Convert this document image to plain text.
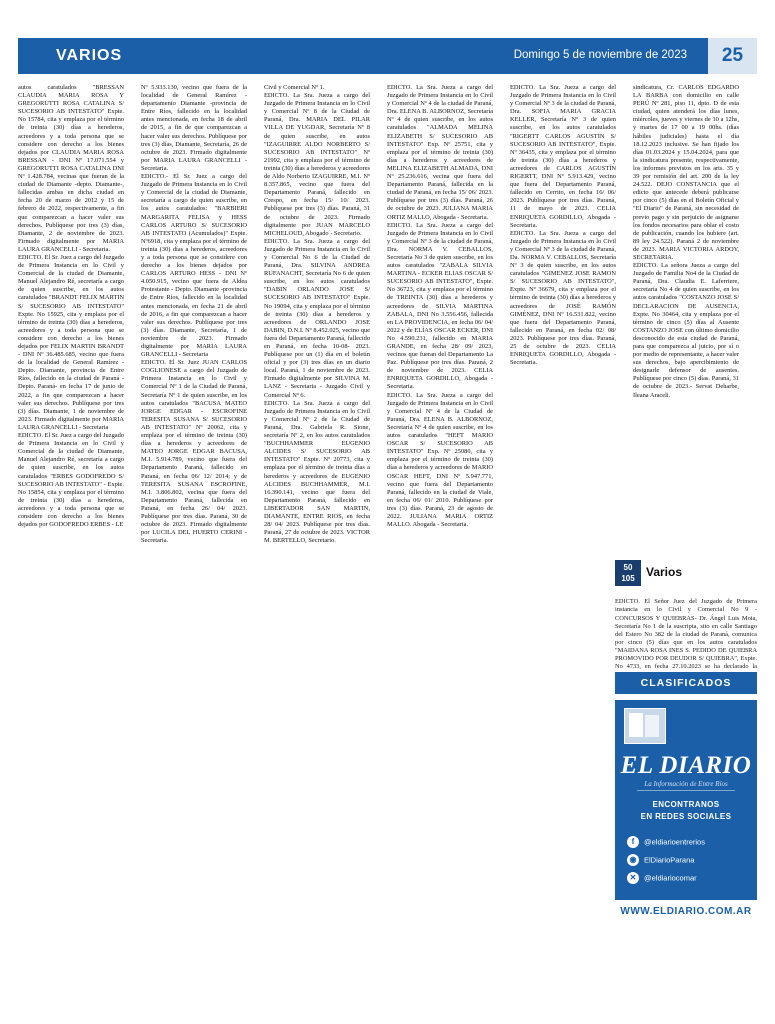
VARIOS	Domingo 5 de noviembre de 2023	25

autos caratulados "BRESSAN CLAUDIA MARIA ROSA Y GREGORUTTI ROSA CATALINA S/ SUCESORIO AB INTESTATO" Expte. No 15784, cita y emplaza por el término de treinta (30) días a herederos, acreedores y a toda persona que se considere con derecho a los bienes dejados por CLAUDIA MARIA ROSA BRESSAN - DNI Nº 17.071.554 y GREGORUTTI ROSA CATALINA DNI Nº 1.428.784, vecinas que fueran de la ciudad de Diamante -depto. Diamante-, fallecidas ambas en dicha ciudad en fecha 20 de marzo de 2012 y 15 de febrero de 2022, respectivamente, a fin que comparezcan a hacer valer sus derechos. Publíquese por tres (3) días, Diamante, 2 de noviembre de 2023. Firmado digitalmente por MARIA LAURA GRANCELLI - Secretaria.

EDICTO. El Sr. Juez a cargo del Juzgado de Primera Instancia en lo Civil y Comercial de la ciudad de Diamante, Manuel Alejandro Ré, secretaría a cargo de quien suscribe, en los autos caratulados "BRANDT FELIX MARTIN S/ SUCESORIO AB INTESTATO" Expte. No 15925, cita y emplaza por el término de treinta (30) días a herederos, acreedores y a toda persona que se considere con derecho a los bienes dejados por FELIX MARTIN BRANDT - DNI Nº 36.485.685, vecino que fuera de la localidad de General Ramírez - Depto. Diamante, provincia de Entre Ríos, fallecido en la ciudad de Paraná -Depto. Paraná- en fecha 17 de junio de 2022, a fin que comparezcan a hacer valer sus derechos. Publíquese por tres (3) días. Diamante, 1 de noviembre de 2023. Firmado digitalmente por MARIA LAURA GRANCELLI - Secretaria

EDICTO. El Sr. Juez a cargo del Juzgado de Primera Instancia en lo Civil y Comercial de la ciudad de Diamante, Manuel Alejandro Ré, secretaría a cargo de quien suscribe, en los autos caratulados "ERBES GODOFREDO S/ SUCESORIO AB INTESTATO" - Expte. No 15854, cita y emplaza por el término de treinta (30) días a herederos, acreedores y a toda persona que se considere con derecho a los bienes dejados por GODOFREDO ERBES - LE

Nº 5.933.130, vecino que fuera de la localidad de General Ramírez - departamento Diamante -provincia de Entre Ríos, fallecido en la localidad antes mencionada, en fecha 18 de abril de 2015, a fin de que comparezcan a hacer valer sus derechos. Publíquese por tres (3) días, Diamante, Secretaría, 26 de octubre de 2023. Firmado digitalmente por MARIA LAURA GRANCELLI - Secretaria.

EDICTO.- El Sr. Juez a cargo del Juzgado de Primera Instancia en lo Civil y Comercial de la ciudad de Diamante, secretaría a cargo de quien suscribe, en los autos caratulados: "BARBIERI MARGARITA FELISA y HESS CARLOS ARTURO S/ SUCESORIO AB INTESTATO (Acumulados)" Expte. Nº6918, cita y emplaza por el término de treinta (30) días a herederos, acreedores y a toda persona que se considere con derecho a los bienes dejados por CARLOS ARTURO HESS - DNI Nº 4.050.915, vecino que fuera de Aldea Protestante - Depto. Diamante -provincia de Entre Ríos, fallecido en la localidad antes mencionada, en fecha 21 de abril de 2016, a fin que comparezcan a hacer valer sus derechos. Publíquese por tres (3) días. Diamante, Secretaría, 1 de noviembre de 2023. Firmado digitalmente por MARIA LAURA GRANCELLI - Secretaria

EDICTO. El Sr. Juez JUAN CARLOS COGLIONESE a cargo del Juzgado de Primera Instancia en lo Civil y Comercial Nº 1 de la Ciudad de Paraná, Secretaría Nº 1 de quien suscribe, en los autos caratulados "BACUSA MATEO JORGE EDGAR - ESCROFINE TERESITA SUSANA S/ SUCESORIO AB INTESTATO" Nº 20062, cita y emplaza por el término de treinta (30) días a herederos y acreedores de MATEO JORGE EDGAR BACUSA, M.I. 5.914.789, vecino que fuera del Departamento Paraná, fallecido en Paraná, en fecha 06/ 12/ 2014; y de TERESITA SUSANA ESCROFINE, M.I. 3.806.802, vecina que fuera del Departamento Paraná, fallecida en Paraná, en fecha 26/ 04/ 2023. Publíquese por tres días. Paraná, 30 de octubre de 2023. Firmado digitalmente por LUCILA DEL HUERTO CERINI - Secretaria.

Civil y Comercial Nº 1.

EDICTO. La Sra. Jueza a cargo del Juzgado de Primera Instancia en lo Civil y Comercial Nº 8 de la Ciudad de Paraná, Dra. MARIA DEL PILAR VILLA DE YUGDAR, Secretaría Nº 8 de quien suscribe, en autos "IZAGUIRRE ALDO NORBERTO S/ SUCESORIO AB INTESTATO" Nº 21992, cita y emplaza por el término de treinta (30) días a herederos y acreedores de Aldo Norberto IZAGUIRRE, M.I. Nº 8.357.865, vecino que fuera del Departamento Paraná, fallecido en Crespo, en fecha 15/ 10/ 2023. Publíquese por tres (3) días. Paraná, 31 de octubre de 2023. Firmado digitalmente por JUAN MARCELO MICHELOUD, Abogado - Secretario.

EDICTO. La Sra. Jueza a cargo del Juzgado de Primera Instancia en lo Civil y Comercial No 6 de la Ciudad de Paraná, Dra. SILVINA ANDREA RUFANACHT, Secretaría No 6 de quien suscribe, en los autos caratulados "DABIN ORLANDO JOSE S/ SUCESORIO AB INTESTATO" Expte. No 19094, cita y emplaza por el término de treinta (30) días a herederos y acreedores de ORLANDO JOSE DABIN, D.N.I. Nº 8.452.025, vecino que fuera del Departamento Paraná, fallecido en Paraná, en fecha 10-08- 2023. Publíquese por un (1) día en el boletín oficial y por (3) tres días en un diario local. Paraná, 1 de noviembre de 2023. Firmado digitalmente por SILVINA M. LANZ - Secretaria - Juzgado Civil y Comercial Nº 6.

EDICTO. La Sra. Jueza a cargo del Juzgado de Primera Instancia en lo Civil y Comercial Nº 2 de la Ciudad de Paraná, Dra. Gabriela R. Sione, secretaría Nº 2, en los autos caratulados "BUCHHAMMER EUGENIO ALCIDES S/ SUCESORIO AB INTESTATO" Expte. Nº 20773, cita y emplaza por el término de treinta días a herederos y acreedores de EUGENIO ALCIDES BUCHHAMMER, M.I. 16.390.141, vecino que fuera del Departamento Paraná, fallecido en LIBERTADOR SAN MARTIN, DIAMANTE, ENTRE RIOS, en fecha 28/ 04/ 2023. Publíquese por tres días. Paraná, 27 de octubre de 2023. VICTOR M. BERTELLO, Secretario.

EDICTO. La Sra. Jueza a cargo del Juzgado de Primera Instancia en lo Civil y Comercial Nº 4 de la ciudad de Paraná, Dra. ELENA B. ALBORNOZ, Secretaría Nº 4 de quien suscribe, en los autos caratulados "ALMADA MELINA ELIZABETH S/ SUCESORIO AB INTESTATO" Exp. Nº 25751, cita y emplaza por el término de treinta (30) días a herederos y acreedores de MELINA ELIZABETH ALMADA, DNI Nº 25.236.616, vecina que fuera del Departamento Paraná, fallecida en la ciudad de Paraná, en fecha 15/ 06/ 2023. Publíquese por tres (3) días. Paraná, 26 de octubre de 2023. JULIANA MARIA ORTIZ MALLO, Abogada - Secretaria.

EDICTO. La Sra. Jueza a cargo del Juzgado de Primera Instancia en lo Civil y Comercial Nº 3 de la ciudad de Paraná, Dra. NORMA V. CEBALLOS, Secretaría No 3 de quien suscribe, en los autos caratulados "ZABALA SILVIA MARTINA - ECKER ELIAS OSCAR S/ SUCESORIO AB INTESTATO", Expte. No 36723, cita y emplaza por el término de TREINTA (30) días a herederos y acreedores de SILVIA MARTINA ZABALA, DNI No 3.556.456, fallecida en LA PROVIDENCIA, en fecha 06/ 04/ 2022 y de ELÍAS OSCAR ECKER, DNI No 4.590.231, fallecido en MARIA GRANDE, en fecha 28/ 09/ 2023, vecinos que fueran del Departamento La Paz. Publíquese por tres días. Paraná, 2 de noviembre de 2023. CELIA ENRIQUETA GORDILLO, Abogada - Secretaria.

EDICTO. La Sra. Jueza a cargo del Juzgado de Primera Instancia en lo Civil y Comercial Nº 4 de la Ciudad de Paraná, Dra. ELENA B. ALBORNOZ, Secretaría Nº 4 de quien suscribe, en los autos caratulados "HEFT MARIO OSCAR S/ SUCESORIO AB INTESTATO" Exp. Nº 25080, cita y emplaza por el término de treinta (30) días a herederos y acreedores de MARIO OSCAR HEFT, DNI Nº 5.947.771, vecino que fuera del Departamento Paraná, fallecido en la ciudad de Viale, en fecha 06/ 01/ 2010. Publíquese por tres (3) días. Paraná, 23 de agosto de 2022. JULIANA MARIA ORTIZ MALLO. Abogada - Secretaria.

EDICTO. La Sra. Jueza a cargo del Juzgado de Primera Instancia en lo Civil y Comercial Nº 3 de la ciudad de Paraná, Dra. SOFIA MARIA GRACIA KELLER, Secretaría Nº 3 de quien suscribe, en los autos caratulados "RIGERTT CARLOS AGUSTIN S/ SUCESORIO AB INTESTATO", Expte. Nº 36435, cita y emplaza por el término de treinta (30) días a herederos y acreedores de CARLOS AGUSTÍN RIGERTT, DNI Nº 5.913.429, vecino que fuera del Departamento Paraná, fallecido en Cerrito, en fecha 16/ 06/ 2023. Publíquese por tres días. Paraná, 11 de mayo de 2023. CELIA ENRIQUETA GORDILLO, Abogada - Secretaria.

EDICTO. La Sra. Jueza a cargo del Juzgado de Primera Instancia en lo Civil y Comercial Nº 3 de la ciudad de Paraná, Da. NORMA V. CEBALLOS, Secretaría Nº 3 de quien suscribe, en los autos caratulados "GIMENEZ JOSE RAMON S/ SUCESORIO AB INTESTATO", Expte. Nº 36679, cita y emplaza por el término de treinta (30) días a herederos y acreedores de JOSÉ RAMÓN GIMÉNEZ, DNI Nº 16.531.822, vecino que fuera del Departamento Paraná, fallecido en Paraná, en fecha 02/ 08/ 2023. Publíquese por tres días. Paraná, 25 de octubre de 2023. CELIA ENRIQUETA GORDILLO, Abogada - Secretaria.

sindicatura, Cr. CARLOS EDGARDO LA BARBA con domicilio en calle PERÚ Nº 281, piso 11, dpto. D de esta ciudad, quien atenderá los días lunes, miércoles, jueves y viernes de 10 a 12hs, y martes de 17 00 a 19 00hs. (días hábiles judiciales) hasta el día 18.12.2023 inclusive. Se han fijado los días 01.03.2024 y 15.04.2024, para que la sindicatura presente, respectivamente, los informes previstos en los arts. 35 y 39 por remisión del art. 200 de la ley 24.522. DEJO CONSTANCIA que el edicto que antecede deberá publicarse por cinco (5) días en el Boletín Oficial y "El Diario" de Paraná, sin necesidad de previo pago y sin perjuicio de asignarse los fondos necesarios para oblar el costo de publicación, cuando los hubiere (art. 89 ley 24.522). Paraná 2 de noviembre de 2023. MARIA VICTORIA ARDOY, SECRETARIA.

EDICTO. La señora Jueza a cargo del Juzgado de Familia No4 de la Ciudad de Paraná, Dra. Claudia E. Laferriere, secretaría No 4 de quien suscribe, en los autos caratulados "COSTANZO JOSE S/ DECLARACION DE AUSENCIA, Expte. No 30464, cita y emplaza por el término de cinco (5) días al Ausente COSTANZO JOSE con último domicilio desconocido de esta ciudad de Paraná, para que comparezca al juicio, por sí o por medio de representante, a hacer valer sus derechos, bajo apercibimiento de designarle defensor de ausentes. Publíquese por cinco (5) días. Paraná, 31 de octubre de 2023.- Servat Deharbe, Ileana Araceli.

50
105 Varios

EDICTO. El Señor Juez del Juzgado de Primera instancia en lo Civil y Comercial No 9 - CONCURSOS Y QUIEBRAS- Dr. Ángel Luis Moia, Secretaría No 1 de la suscripta, sito en calle Santiago del Estero No 382 de la ciudad de Paraná, comunica por cinco (5) días que en los autos caratulados "MAIDANA ROSA INES S. PEDIDO DE QUIEBRA PROMOVIDO POR DEUDOR S/ QUIEBRA", Expte. No 4733, en fecha 27.10.2023 se ha declarado la

CLASIFICADOS
EL DIARIO
La Información de Entre Ríos
ENCONTRANOS
EN REDES SOCIALES
f @eldiarioentrerios
◉ ElDiarioParana
✕ @eldiariocomar
WWW.ELDIARIO.COM.AR
